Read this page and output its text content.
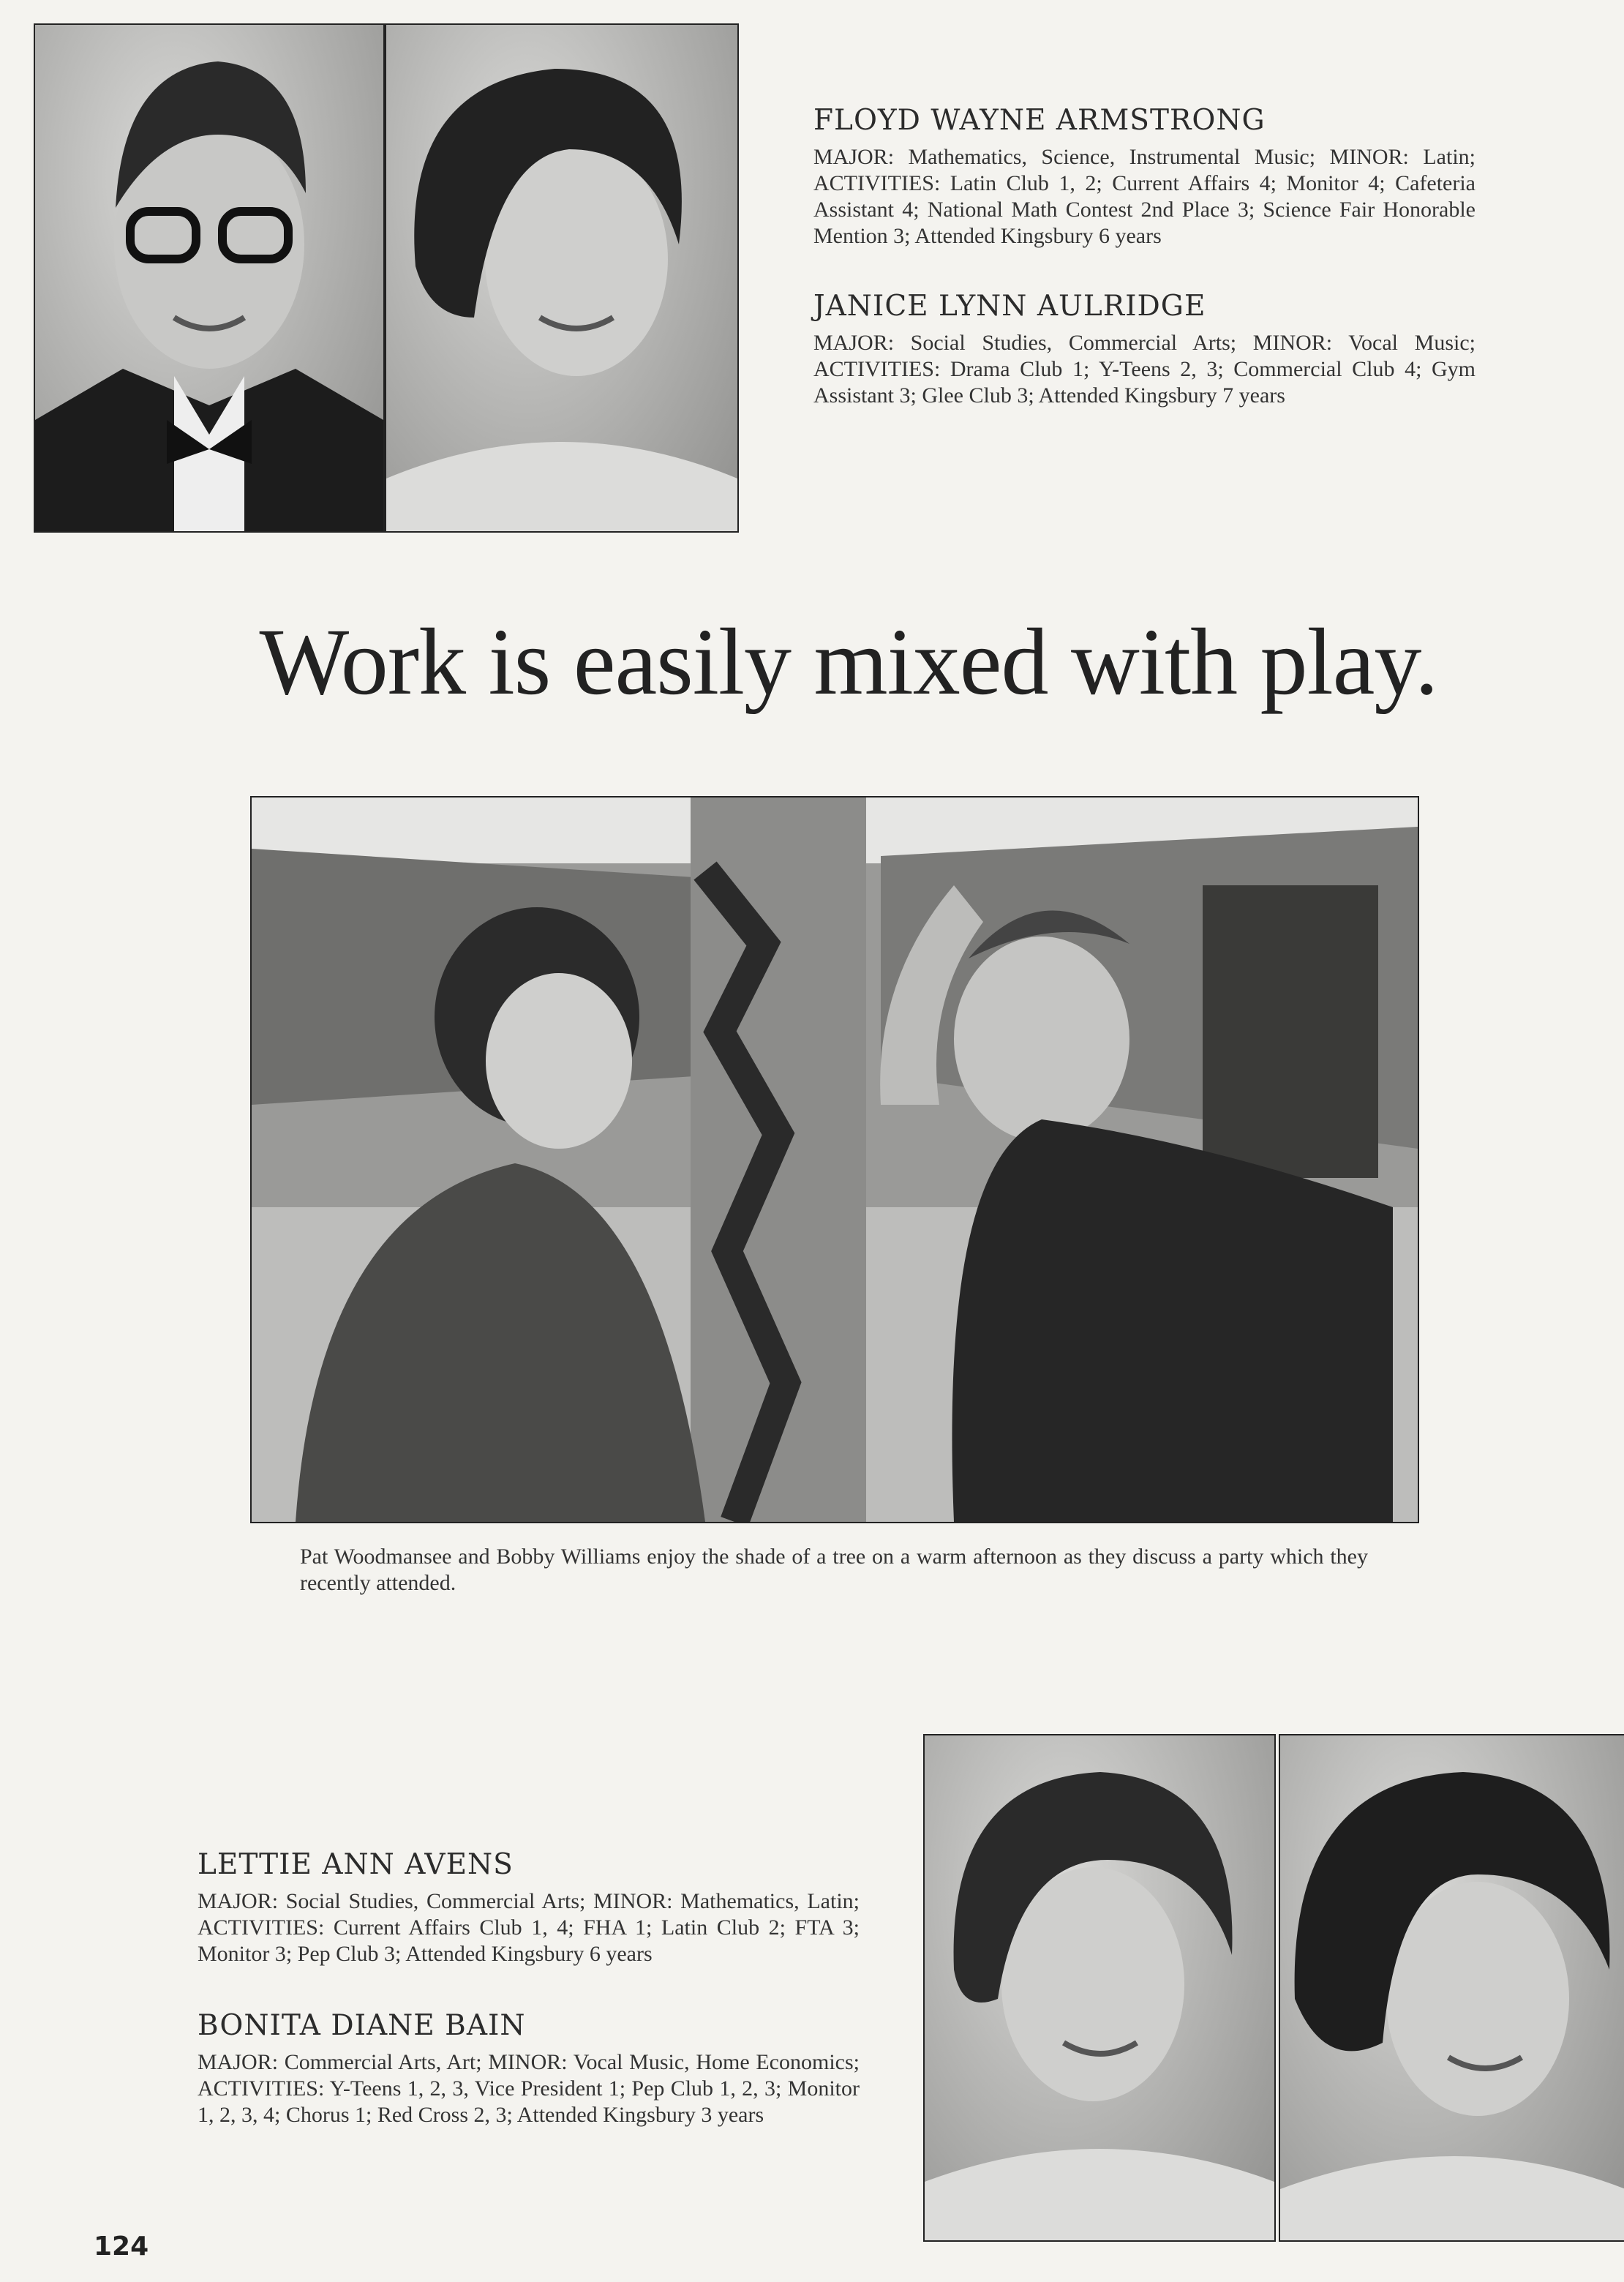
FLOYD WAYNE ARMSTRONG

MAJOR: Mathematics, Science, Instrumental Music; MINOR: Latin; ACTIVITIES: Latin Club 1, 2; Current Affairs 4; Monitor 4; Cafeteria Assistant 4; National Math Contest 2nd Place 3; Science Fair Honorable Mention 3; Attended Kingsbury 6 years

JANICE LYNN AULRIDGE

MAJOR: Social Studies, Commercial Arts; MINOR: Vocal Music; ACTIVITIES: Drama Club 1; Y-Teens 2, 3; Commercial Club 4; Gym Assistant 3; Glee Club 3; Attended Kingsbury 7 years

Work is easily mixed with play.

Pat Woodmansee and Bobby Williams enjoy the shade of a tree on a warm afternoon as they discuss a party which they recently attended.

LETTIE ANN AVENS

MAJOR: Social Studies, Commercial Arts; MINOR: Mathematics, Latin; ACTIVITIES: Current Affairs Club 1, 4; FHA 1; Latin Club 2; FTA 3; Monitor 3; Pep Club 3; Attended Kingsbury 6 years

BONITA DIANE BAIN

MAJOR: Commercial Arts, Art; MINOR: Vocal Music, Home Economics; ACTIVITIES: Y-Teens 1, 2, 3, Vice President 1; Pep Club 1, 2, 3; Monitor 1, 2, 3, 4; Chorus 1; Red Cross 2, 3; Attended Kingsbury 3 years

124
